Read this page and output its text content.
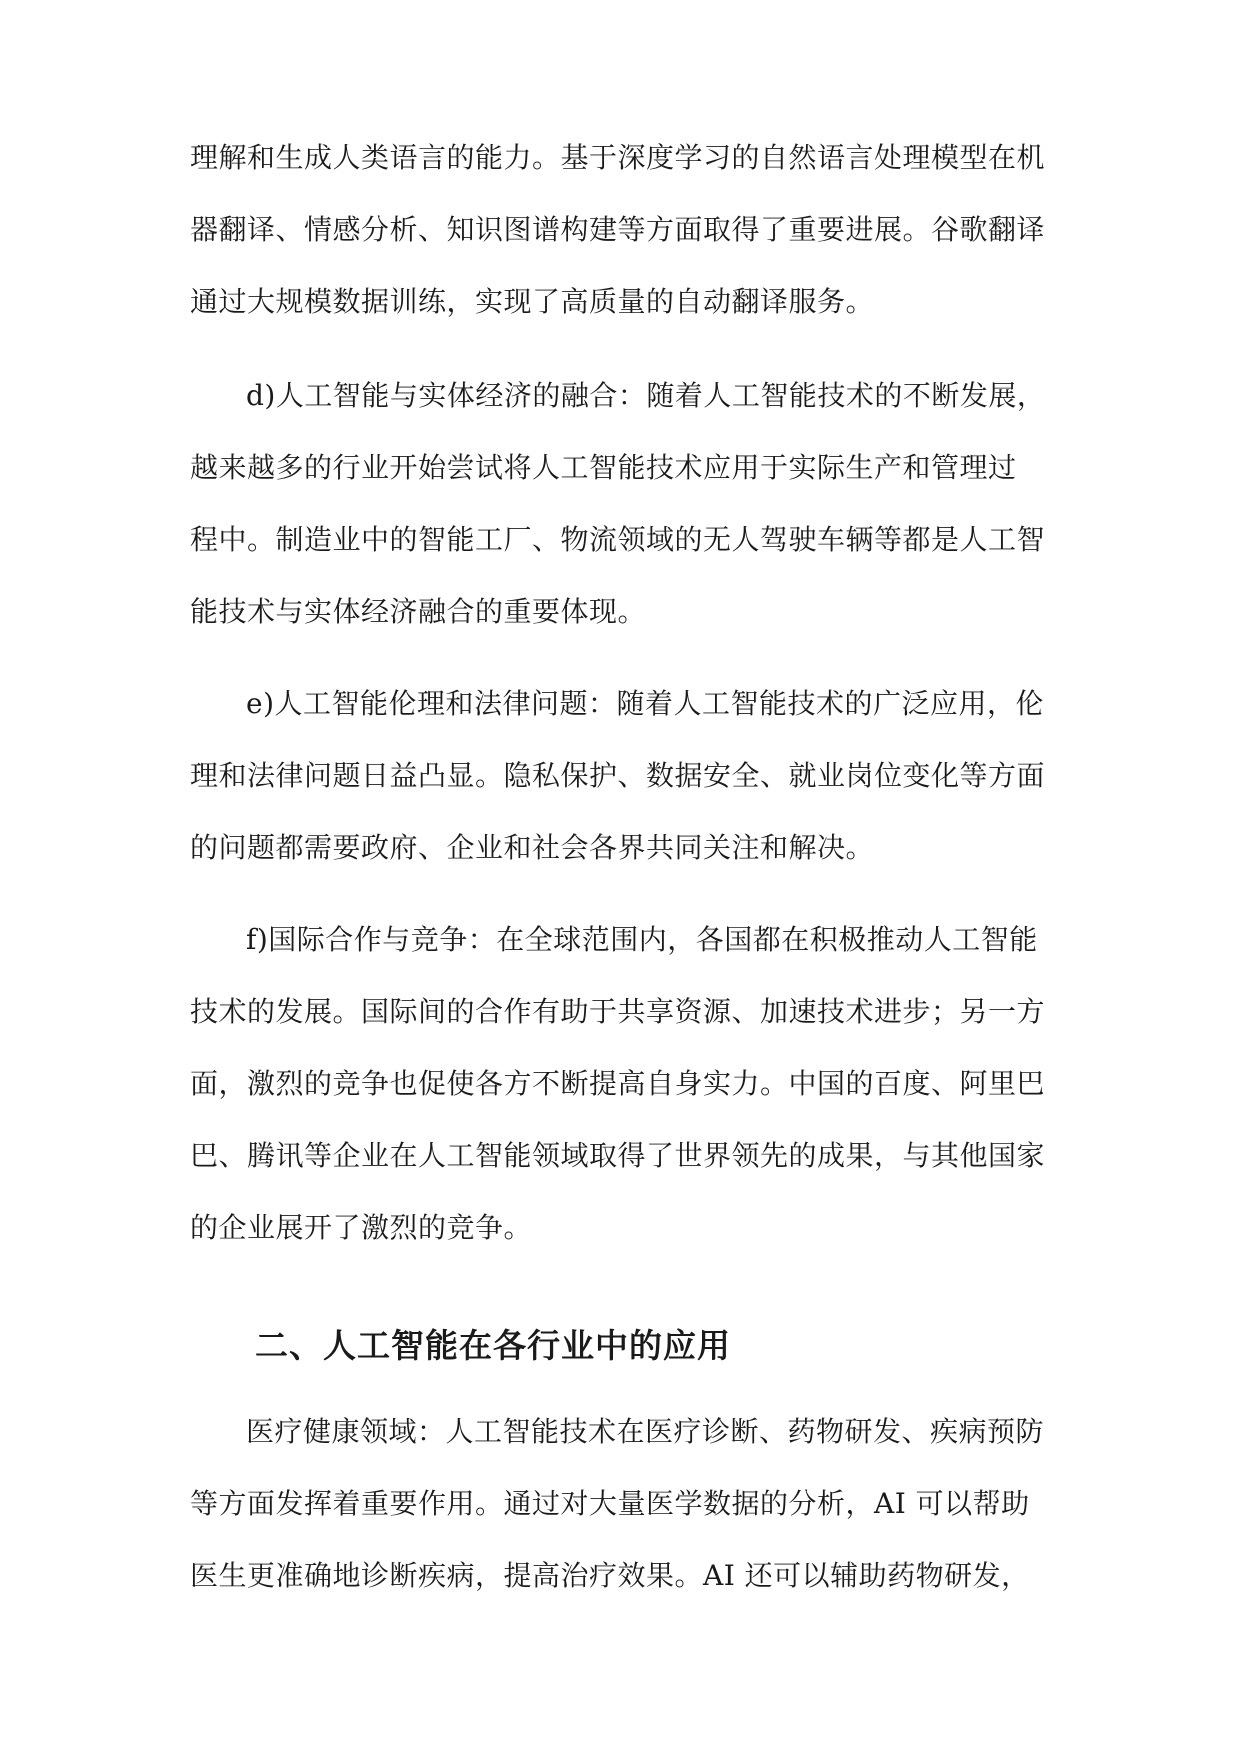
理解和生成人类语言的能力。基于深度学习的自然语言处理模型在机
器翻译、情感分析、知识图谱构建等方面取得了重要进展。谷歌翻译
通过大规模数据训练，实现了高质量的自动翻译服务。
d)人工智能与实体经济的融合：随着人工智能技术的不断发展，
越来越多的行业开始尝试将人工智能技术应用于实际生产和管理过
程中。制造业中的智能工厂、物流领域的无人驾驶车辆等都是人工智
能技术与实体经济融合的重要体现。
e)人工智能伦理和法律问题：随着人工智能技术的广泛应用，伦
理和法律问题日益凸显。隐私保护、数据安全、就业岗位变化等方面
的问题都需要政府、企业和社会各界共同关注和解决。
f)国际合作与竞争：在全球范围内，各国都在积极推动人工智能
技术的发展。国际间的合作有助于共享资源、加速技术进步；另一方
面，激烈的竞争也促使各方不断提高自身实力。中国的百度、阿里巴
巴、腾讯等企业在人工智能领域取得了世界领先的成果，与其他国家
的企业展开了激烈的竞争。
二、人工智能在各行业中的应用
医疗健康领域：人工智能技术在医疗诊断、药物研发、疾病预防
等方面发挥着重要作用。通过对大量医学数据的分析，AI 可以帮助
医生更准确地诊断疾病，提高治疗效果。AI 还可以辅助药物研发，
